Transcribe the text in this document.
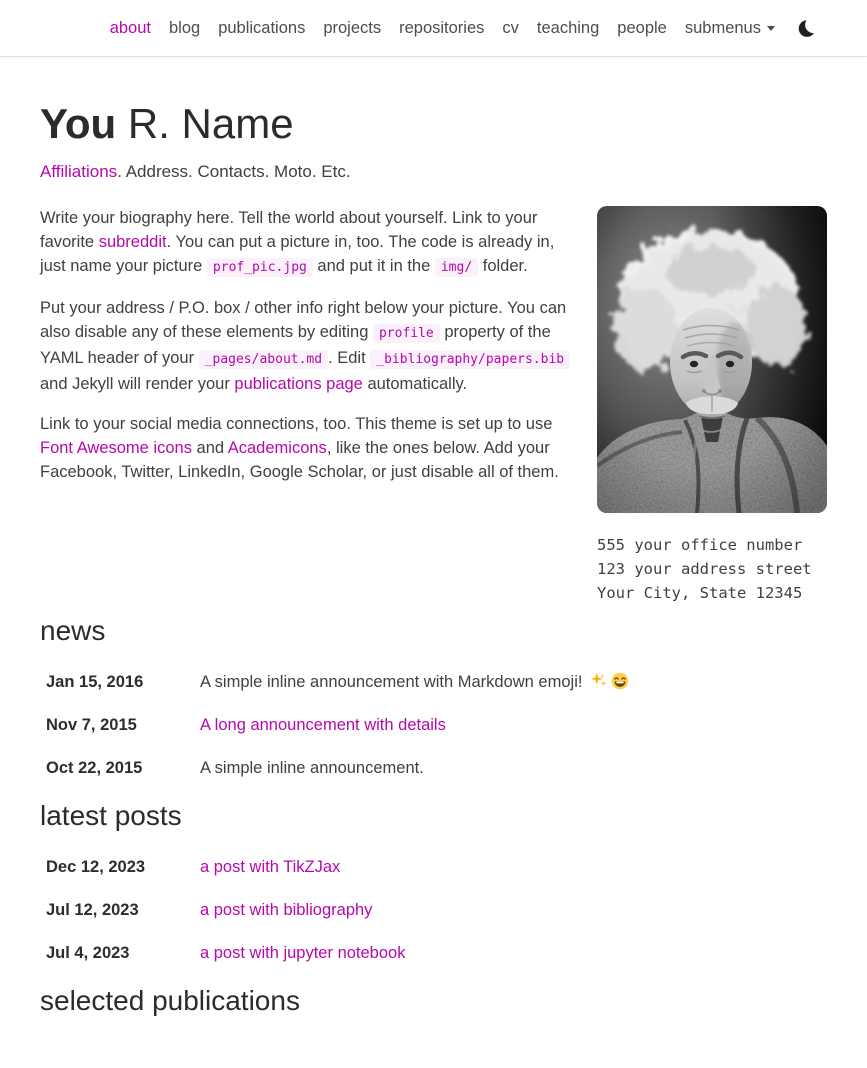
about	blog	publications	projects	repositories	cv	teaching	people	submenus
You R. Name

Affiliations. Address. Contacts. Moto. Etc.

555 your office number

123 your address street

Your City, State 12345

Write your biography here. Tell the world about yourself. Link to your favorite subreddit. You can put a picture in, too. The code is already in, just name your picture prof_pic.jpg and put it in the img/ folder.

Put your address / P.O. box / other info right below your picture. You can also disable any of these elements by editing profile property of the YAML header of your _pages/about.md . Edit _bibliography/papers.bib and Jekyll will render your publications page automatically.

Link to your social media connections, too. This theme is set up to use Font Awesome icons and Academicons, like the ones below. Add your Facebook, Twitter, LinkedIn, Google Scholar, or just disable all of them.

news
Jan 15, 2016	A simple inline announcement with Markdown emoji!
Nov 7, 2015	A long announcement with details
Oct 22, 2015	A simple inline announcement.
latest posts
Dec 12, 2023	a post with TikZJax
Jul 12, 2023	a post with bibliography
Jul 4, 2023	a post with jupyter notebook
selected publications
